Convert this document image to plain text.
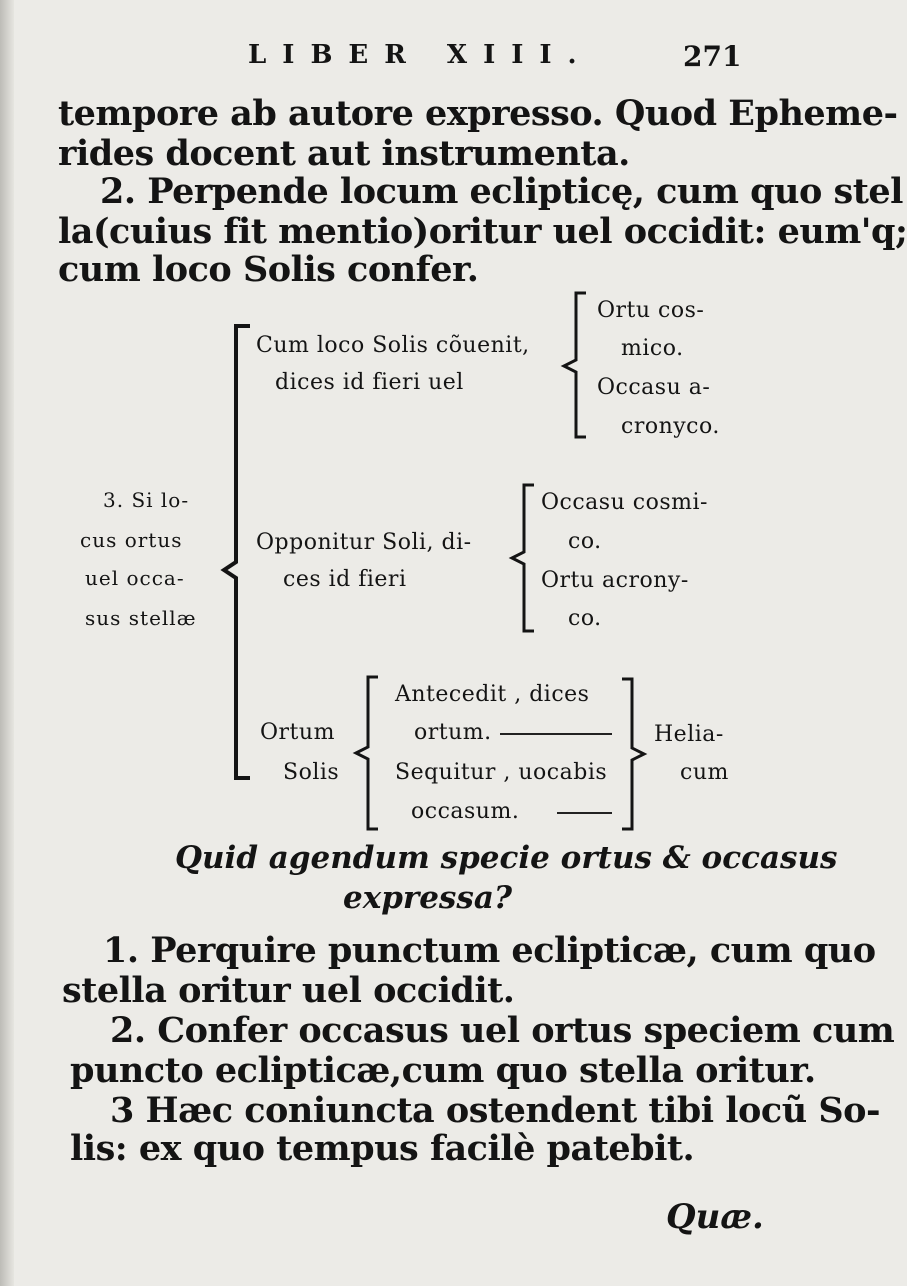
LIBER XIII.	271
tempore ab autore expresso. Quod Epheme-
rides docent aut instrumenta.
2. Perpende locum eclipticę, cum quo stel
la(cuius fit mentio)oritur uel occidit: eum'q;
cum loco Solis confer.
3. Si lo-
cus ortus
uel occa-
sus stellæ
Cum loco Solis cõuenit,
dices id fieri uel
Ortu cos-
mico.
Occasu a-
cronyco.
Opponitur Soli, di-
ces id fieri
Occasu cosmi-
co.
Ortu acrony-
co.
Ortum
Solis
Antecedit , dices
ortum.
Sequitur , uocabis
occasum.
Helia-
cum
Quid agendum specie ortus & occasus
expressa?
1. Perquire punctum eclipticæ, cum quo
stella oritur uel occidit.
2. Confer occasus uel ortus speciem cum
puncto eclipticæ,cum quo stella oritur.
3 Hæc coniuncta ostendent tibi locũ So-
lis: ex quo tempus facilè patebit.
Quæ.
